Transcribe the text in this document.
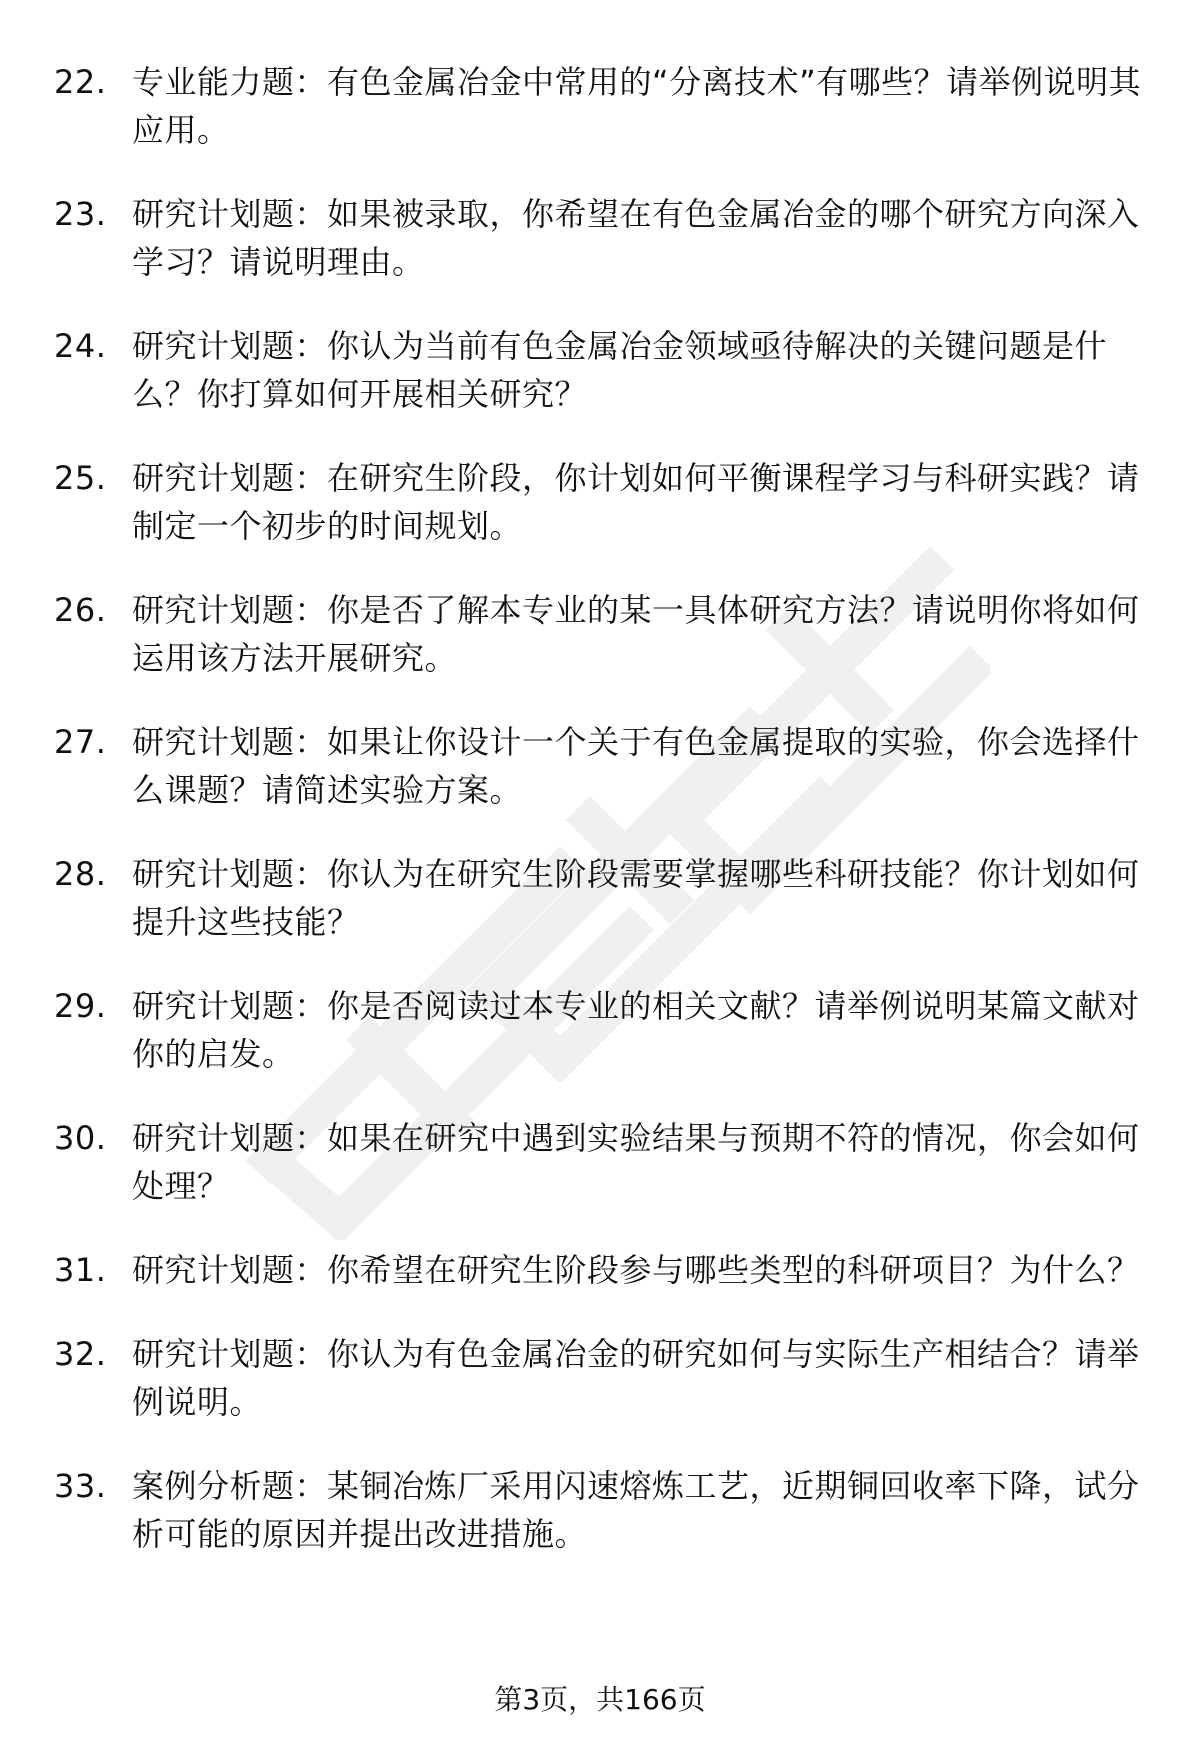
22. 专业能力题：有色金属冶金中常用的“分离技术”有哪些？请举例说明其应用。
23. 研究计划题：如果被录取，你希望在有色金属冶金的哪个研究方向深入学习？请说明理由。
24. 研究计划题：你认为当前有色金属冶金领域亟待解决的关键问题是什么？你打算如何开展相关研究？
25. 研究计划题：在研究生阶段，你计划如何平衡课程学习与科研实践？请制定一个初步的时间规划。
26. 研究计划题：你是否了解本专业的某一具体研究方法？请说明你将如何运用该方法开展研究。
27. 研究计划题：如果让你设计一个关于有色金属提取的实验，你会选择什么课题？请简述实验方案。
28. 研究计划题：你认为在研究生阶段需要掌握哪些科研技能？你计划如何提升这些技能？
29. 研究计划题：你是否阅读过本专业的相关文献？请举例说明某篇文献对你的启发。
30. 研究计划题：如果在研究中遇到实验结果与预期不符的情况，你会如何处理？
31. 研究计划题：你希望在研究生阶段参与哪些类型的科研项目？为什么？
32. 研究计划题：你认为有色金属冶金的研究如何与实际生产相结合？请举例说明。
33. 案例分析题：某铜冶炼厂采用闪速熔炼工艺，近期铜回收率下降，试分析可能的原因并提出改进措施。
第3页，共166页
